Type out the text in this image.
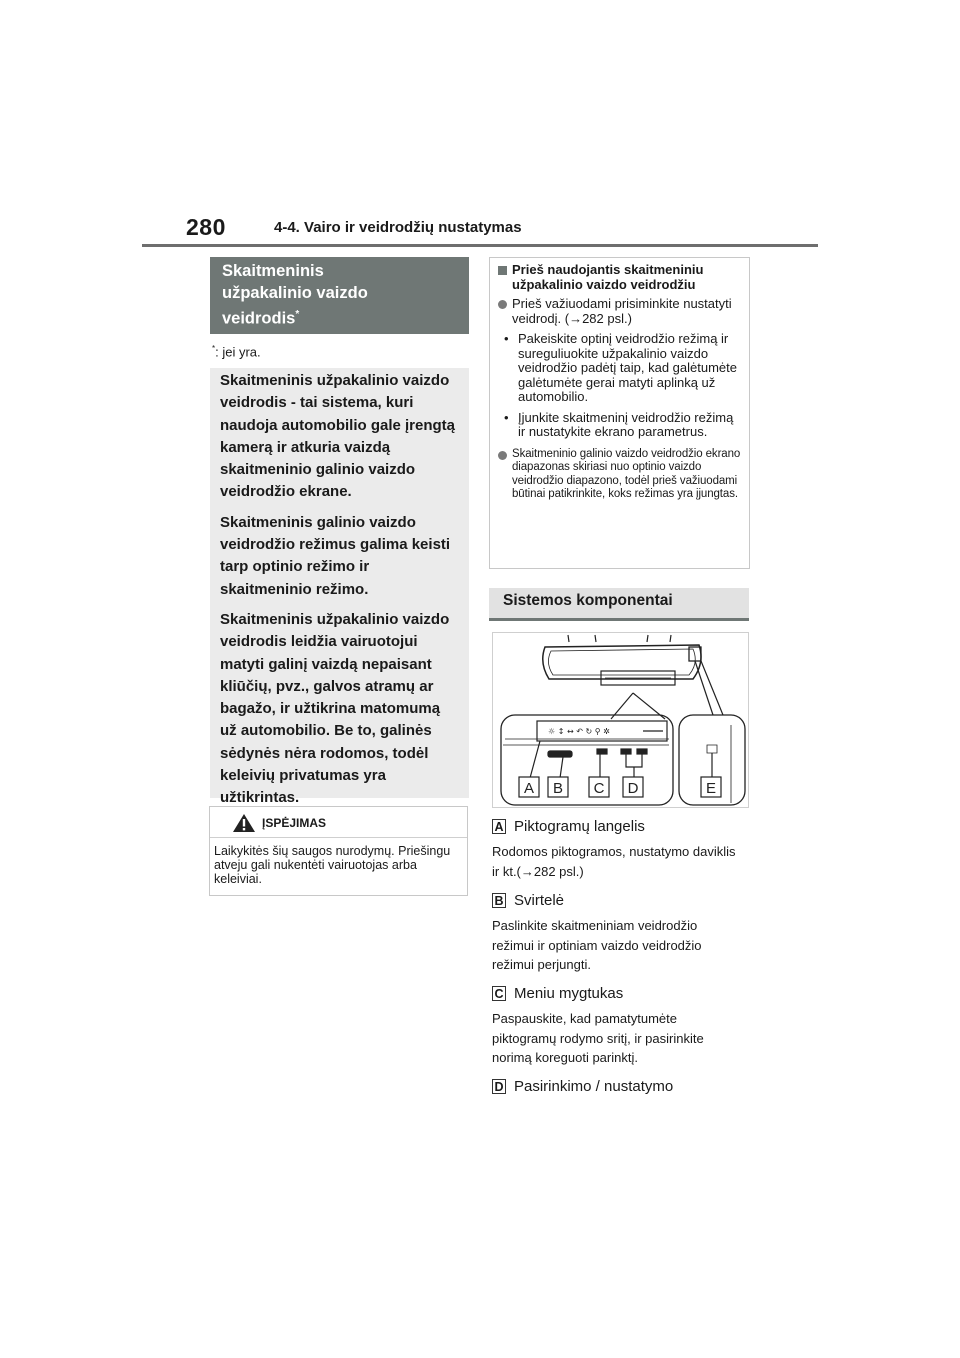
280	4-4. Vairo ir veidrodžių nustatymas
Skaitmeninis
užpakalinio vaizdo
veidrodis*
*: jei yra.

Skaitmeninis užpakalinio vaizdo veidrodis - tai sistema, kuri naudoja automobilio gale įrengtą kamerą ir atkuria vaizdą skaitmeninio galinio vaizdo veidrodžio ekrane.

Skaitmeninis galinio vaizdo veidrodžio režimus galima keisti tarp optinio režimo ir skaitmeninio režimo.

Skaitmeninis užpakalinio vaizdo veidrodis leidžia vairuotojui matyti galinį vaizdą nepaisant kliūčių, pvz., galvos atramų ar bagažo, ir užtikrina matomumą už automobilio. Be to, galinės sėdynės nėra rodomos, todėl keleivių privatumas yra užtikrintas.

ĮSPĖJIMAS
Laikykitės šių saugos nurodymų. Priešingu atveju gali nukentėti vairuotojas arba keleiviai.
Prieš naudojantis skaitmeniniu užpakalinio vaizdo veidrodžiu
Prieš važiuodami prisiminkite nustatyti veidrodį. (→282 psl.)
• Pakeiskite optinį veidrodžio režimą ir sureguliuokite užpakalinio vaizdo veidrodžio padėtį taip, kad galėtumėte galėtumėte gerai matyti aplinką už automobilio.
• Įjunkite skaitmeninį veidrodžio režimą ir nustatykite ekrano parametrus.
Skaitmeninio galinio vaizdo veidrodžio ekrano diapazonas skiriasi nuo optinio vaizdo veidrodžio diapazono, todėl prieš važiuodami būtinai patikrinkite, koks režimas yra įjungtas.
Sistemos komponentai
☼ ↕ ↔ ↶ ↻ ⚲ ✲
A B C D	E
A Piktogramų langelis
Rodomos piktogramos, nustatymo daviklis ir kt.(→282 psl.)
B Svirtelė
Paslinkite skaitmeniniam veidrodžio režimui ir optiniam vaizdo veidrodžio režimui perjungti.
C Meniu mygtukas
Paspauskite, kad pamatytumėte piktogramų rodymo sritį, ir pasirinkite norimą koreguoti parinktį.
D Pasirinkimo / nustatymo
